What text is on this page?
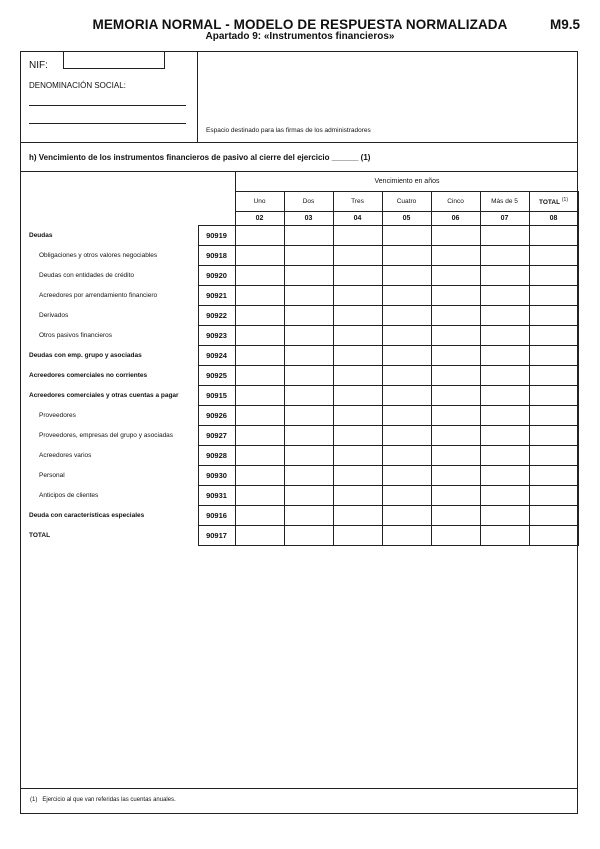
MEMORIA NORMAL - MODELO DE RESPUESTA NORMALIZADA
Apartado 9: «Instrumentos financieros»
M9.5
NIF:
DENOMINACIÓN SOCIAL:
Espacio destinado para las firmas de los administradores
h) Vencimiento de los instrumentos financieros de pasivo al cierre del ejercicio ______ (1)
Vencimiento en años
		Uno	Dos	Tres	Cuatro	Cinco	Más de 5	TOTAL $^{(1)}$
		02	03	04	05	06	07	08
Deudas	90919							
Obligaciones y otros valores negociables	90918							
Deudas con entidades de crédito	90920							
Acreedores por arrendamiento financiero	90921							
Derivados	90922							
Otros pasivos financieros	90923							
Deudas con emp. grupo y asociadas	90924							
Acreedores comerciales no corrientes	90925							
Acreedores comerciales y otras cuentas a pagar	90915							
Proveedores	90926							
Proveedores, empresas del grupo y asociadas	90927							
Acreedores varios	90928							
Personal	90930							
Anticipos de clientes	90931							
Deuda con características especiales	90916							
TOTAL	90917							
(1) Ejercicio al que van referidas las cuentas anuales.
